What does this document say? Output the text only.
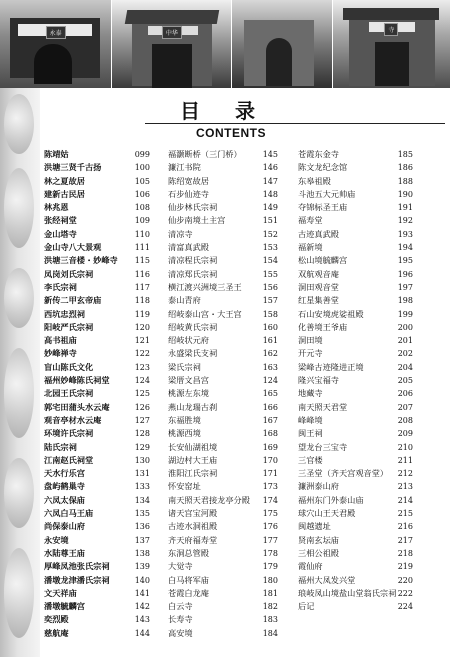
永泰	中华	寺
目 录
CONTENTS
陈靖姑	099
洪塘三贤千古扬	100
林之夏故居	105
建新古民居	106
林兆恩	108
张经祠堂	109
金山塔寺	110
金山寺八大景观	111
洪塘三音楼・妙峰寺 115
凤岗刘氏宗祠	116
李氏宗祠	117
新传二甲玄帝庙	118
西坑忠烈祠	119
阳岐严氏宗祠	120
高书祖庙	121
妙峰禅寺	122
盲山陈氏文化	123
福州妙峰陈氏祠堂	124
北园王氏宗祠	125
郭宅田蒲头水云庵	126
观音亭材水云庵	127
环境许氏宗祠	128
陆氏宗祠	129
江南赵氏祠堂	130
天水行乐宫	131
盘屿鹤巢寺	133
六凤太保庙	134
六凤白马王庙	135
尚保泰山府	136
永安境	137
水陆尊王庙	138
厚峰凤池张氏宗祠	139
潘墩龙津潘氏宗祠	140
文天祥庙	141
潘墩毓麟宫	142
奕烈殿	143
慈航庵	144
福灏断桥（三门桥）	145
濂江书院	146
陈绍宽故居	147
石步仙迹寺	148
仙步林氏宗祠	149
仙步南境土主宫	151
清凉寺	152
清富真武殿	153
清凉程氏宗祠	154
清凉郑氏宗祠	155
横江渡兴洲境三圣王	156
泰山青府	157
绍岐泰山宫・大王宫	158
绍岐黄氏宗祠	160
绍岐状元府	161
永盛梁氏支祠	162
梁氏宗祠	163
梁厝文昌宫	124
桃源左东境	165
燕山龙瑞古刹	166
东福胜境	167
桃源西境	168
长安仙湖祖境	169
湖边村大王庙	170
淮阳江氏宗祠	171
怀安窑址	173
南天照天君接龙亭分殿 174
诸天宫宝河殿	175
古迹水洞祖殿	176
齐天府福寿堂	177
东洞总管殿	178
大觉寺	179
白马将军庙	180
苍霞白龙庵	181
白云寺	182
长寿寺	183
高安境	184
苍霞东金寺	185
陈文龙纪念馆	186
东皋祖殿	188
斗池五大元帅庙	190
夺锦标圣王庙	191
福寿堂	192
古迹真武殿	193
福新境	194
松山境毓麟宫	195
双航观音庵	196
洞田观音堂	197
红星集善堂	198
石山安境虎娑祖殿	199
化善境王爷庙	200
洞田境	201
开元寺	202
梁峰古迹隆进正境	204
隆兴宝福寺	205
地藏寺	206
南天照天君堂	207
峰峰境	208
闽王祠	209
望龙台三宝寺	210
三官楼	211
三圣堂（齐天宫观音堂） 212
濂洲泰山府	213
福州东门外泰山庙	214
球穴山王天君殿	215
闽越遗址	216
贤南玄坛庙	217
三相公祖殿	218
霞仙府	219
福州大凤发兴堂	220
琅岐凤山境盐山堂翁氏宗祠 222
后记	224
